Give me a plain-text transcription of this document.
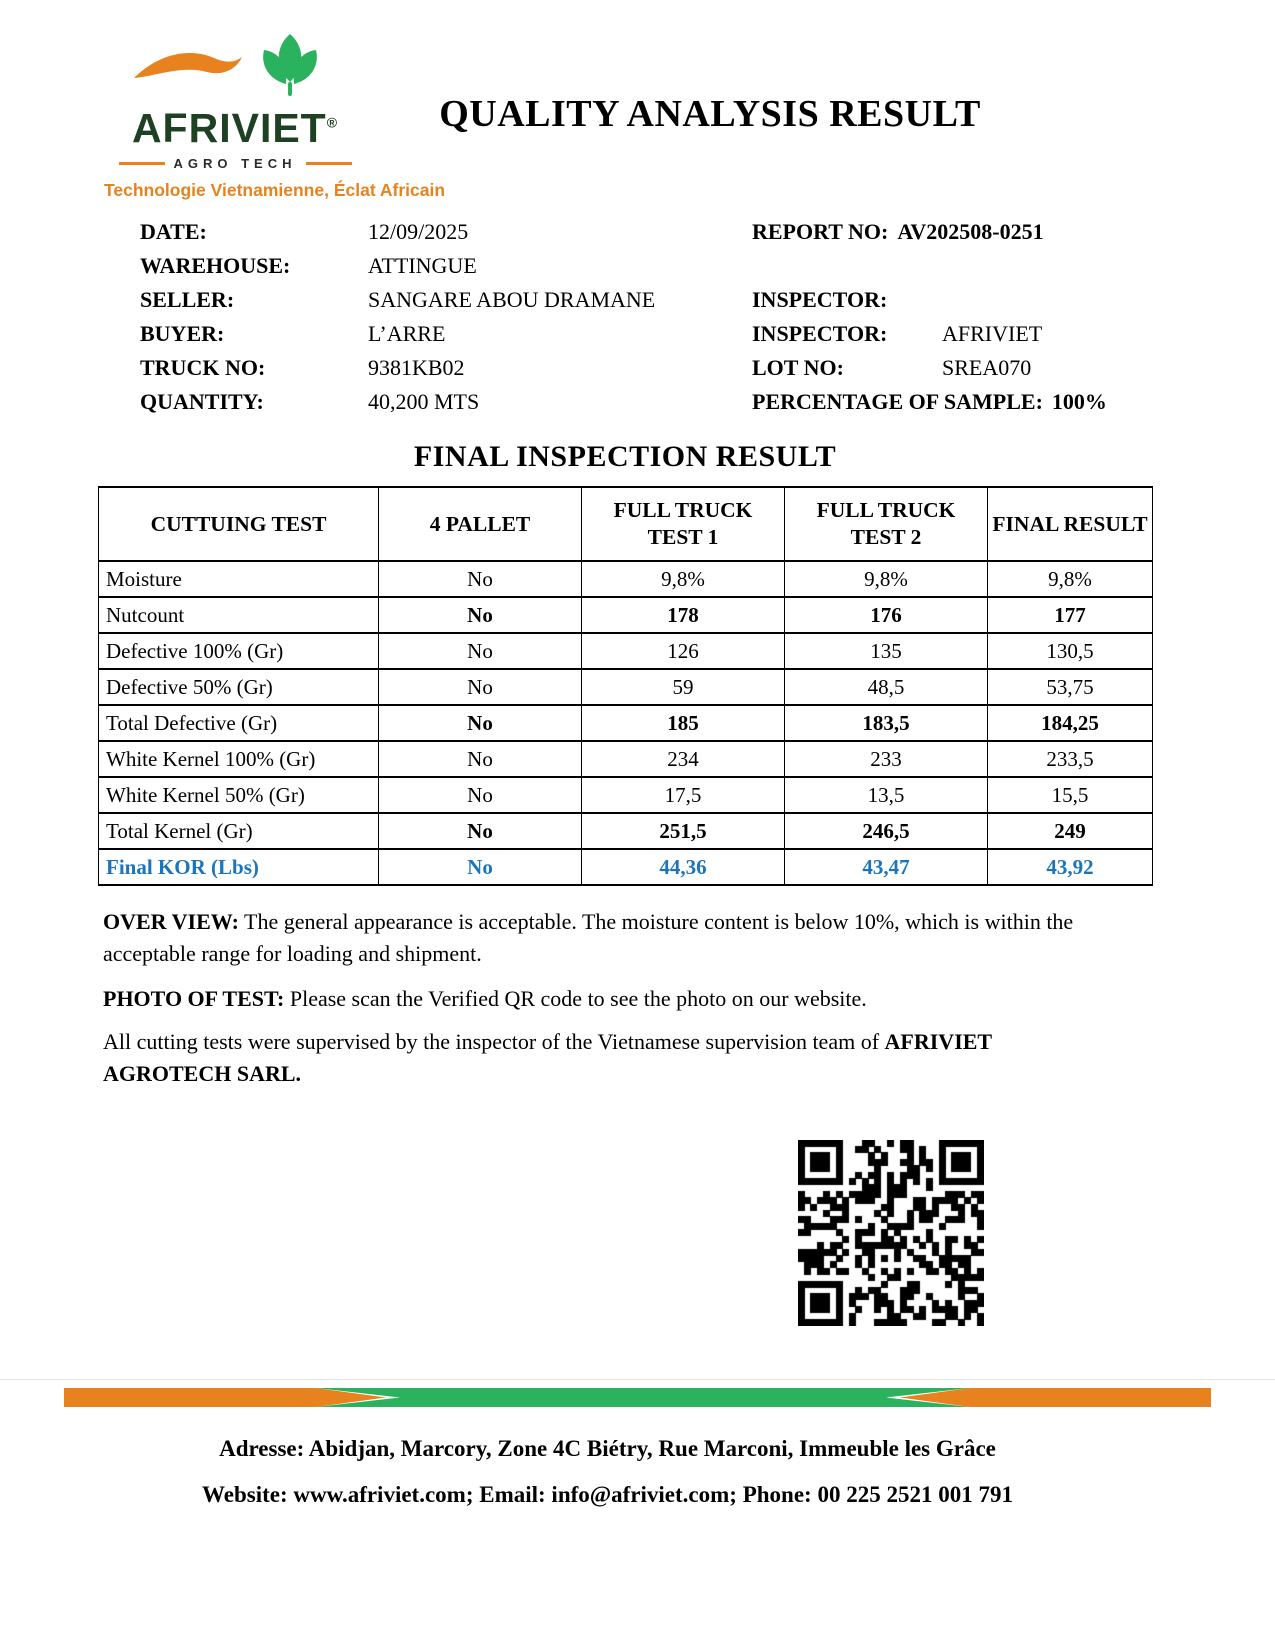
AFRIVIET®
AGRO TECH
Technologie Vietnamienne, Éclat Africain
QUALITY ANALYSIS RESULT
DATE:	12/09/2025	REPORT NO: AV202508-0251
WAREHOUSE:	ATTINGUE
SELLER:	SANGARE ABOU DRAMANE	INSPECTOR:
BUYER:	L’ARRE	INSPECTOR:	AFRIVIET
TRUCK NO:	9381KB02	LOT NO:	SREA070
QUANTITY:	40,200 MTS	PERCENTAGE OF SAMPLE: 100%
FINAL INSPECTION RESULT
CUTTUING TEST	4 PALLET	FULL TRUCK TEST 1	FULL TRUCK TEST 2	FINAL RESULT
Moisture	No	9,8%	9,8%	9,8%
Nutcount	No	178	176	177
Defective 100% (Gr)	No	126	135	130,5
Defective 50% (Gr)	No	59	48,5	53,75
Total Defective (Gr)	No	185	183,5	184,25
White Kernel 100% (Gr)	No	234	233	233,5
White Kernel 50% (Gr)	No	17,5	13,5	15,5
Total Kernel (Gr)	No	251,5	246,5	249
Final KOR (Lbs)	No	44,36	43,47	43,92

OVER VIEW: The general appearance is acceptable. The moisture content is below 10%, which is within the acceptable range for loading and shipment.

PHOTO OF TEST: Please scan the Verified QR code to see the photo on our website.

All cutting tests were supervised by the inspector of the Vietnamese supervision team of AFRIVIET AGROTECH SARL.

Adresse: Abidjan, Marcory, Zone 4C Biétry, Rue Marconi, Immeuble les Grâce
Website: www.afriviet.com; Email: info@afriviet.com; Phone: 00 225 2521 001 791
